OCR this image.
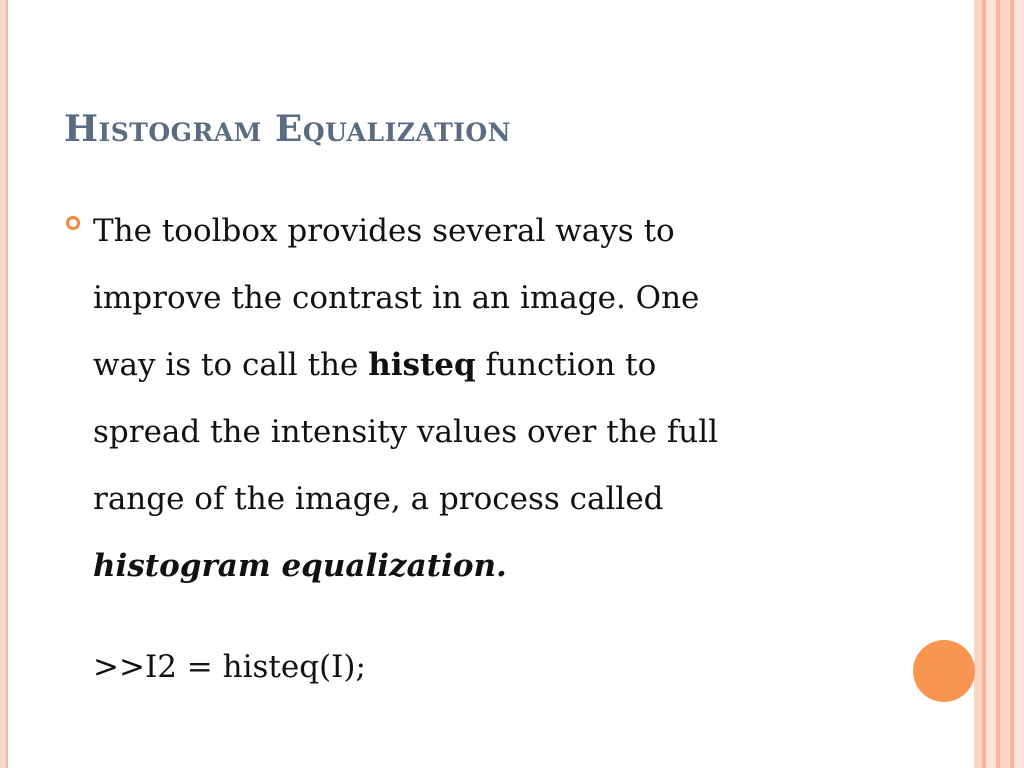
Histogram Equalization
The toolbox provides several ways to
improve the contrast in an image. One
way is to call the histeq function to
spread the intensity values over the full
range of the image, a process called
histogram equalization.
>>I2 = histeq(I);
